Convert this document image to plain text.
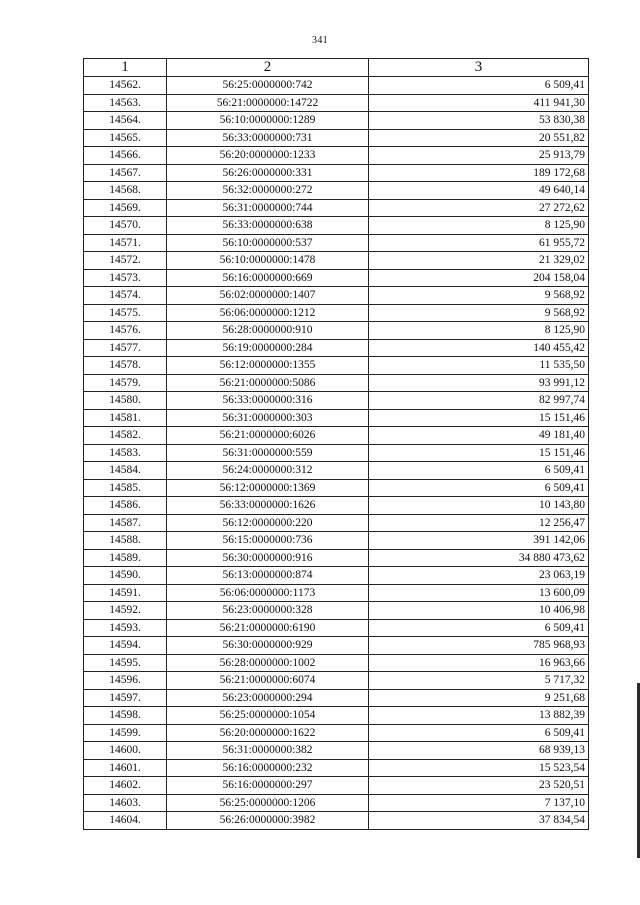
341
1	2	3
14562.	56:25:0000000:742	6 509,41
14563.	56:21:0000000:14722	411 941,30
14564.	56:10:0000000:1289	53 830,38
14565.	56:33:0000000:731	20 551,82
14566.	56:20:0000000:1233	25 913,79
14567.	56:26:0000000:331	189 172,68
14568.	56:32:0000000:272	49 640,14
14569.	56:31:0000000:744	27 272,62
14570.	56:33:0000000:638	8 125,90
14571.	56:10:0000000:537	61 955,72
14572.	56:10:0000000:1478	21 329,02
14573.	56:16:0000000:669	204 158,04
14574.	56:02:0000000:1407	9 568,92
14575.	56:06:0000000:1212	9 568,92
14576.	56:28:0000000:910	8 125,90
14577.	56:19:0000000:284	140 455,42
14578.	56:12:0000000:1355	11 535,50
14579.	56:21:0000000:5086	93 991,12
14580.	56:33:0000000:316	82 997,74
14581.	56:31:0000000:303	15 151,46
14582.	56:21:0000000:6026	49 181,40
14583.	56:31:0000000:559	15 151,46
14584.	56:24:0000000:312	6 509,41
14585.	56:12:0000000:1369	6 509,41
14586.	56:33:0000000:1626	10 143,80
14587.	56:12:0000000:220	12 256,47
14588.	56:15:0000000:736	391 142,06
14589.	56:30:0000000:916	34 880 473,62
14590.	56:13:0000000:874	23 063,19
14591.	56:06:0000000:1173	13 600,09
14592.	56:23:0000000:328	10 406,98
14593.	56:21:0000000:6190	6 509,41
14594.	56:30:0000000:929	785 968,93
14595.	56:28:0000000:1002	16 963,66
14596.	56:21:0000000:6074	5 717,32
14597.	56:23:0000000:294	9 251,68
14598.	56:25:0000000:1054	13 882,39
14599.	56:20:0000000:1622	6 509,41
14600.	56:31:0000000:382	68 939,13
14601.	56:16:0000000:232	15 523,54
14602.	56:16:0000000:297	23 520,51
14603.	56:25:0000000:1206	7 137,10
14604.	56:26:0000000:3982	37 834,54
